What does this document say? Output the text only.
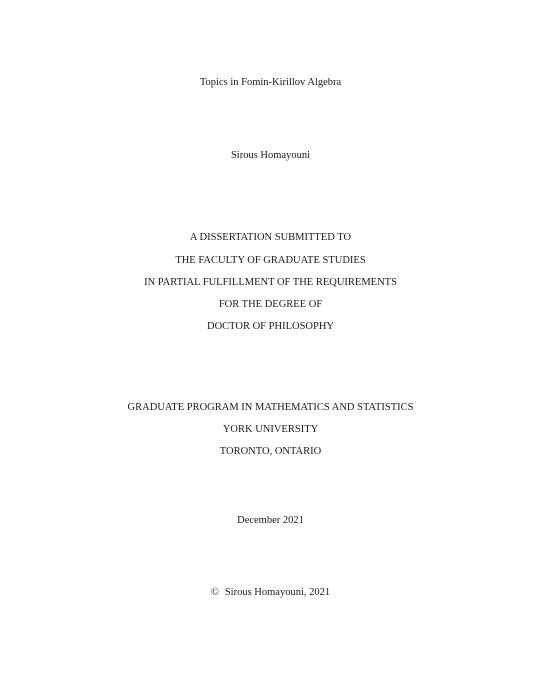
Topics in Fomin-Kirillov Algebra
Sirous Homayouni
A DISSERTATION SUBMITTED TO
THE FACULTY OF GRADUATE STUDIES
IN PARTIAL FULFILLMENT OF THE REQUIREMENTS
FOR THE DEGREE OF
DOCTOR OF PHILOSOPHY
GRADUATE PROGRAM IN MATHEMATICS AND STATISTICS
YORK UNIVERSITY
TORONTO, ONTARIO
December 2021
© Sirous Homayouni, 2021
